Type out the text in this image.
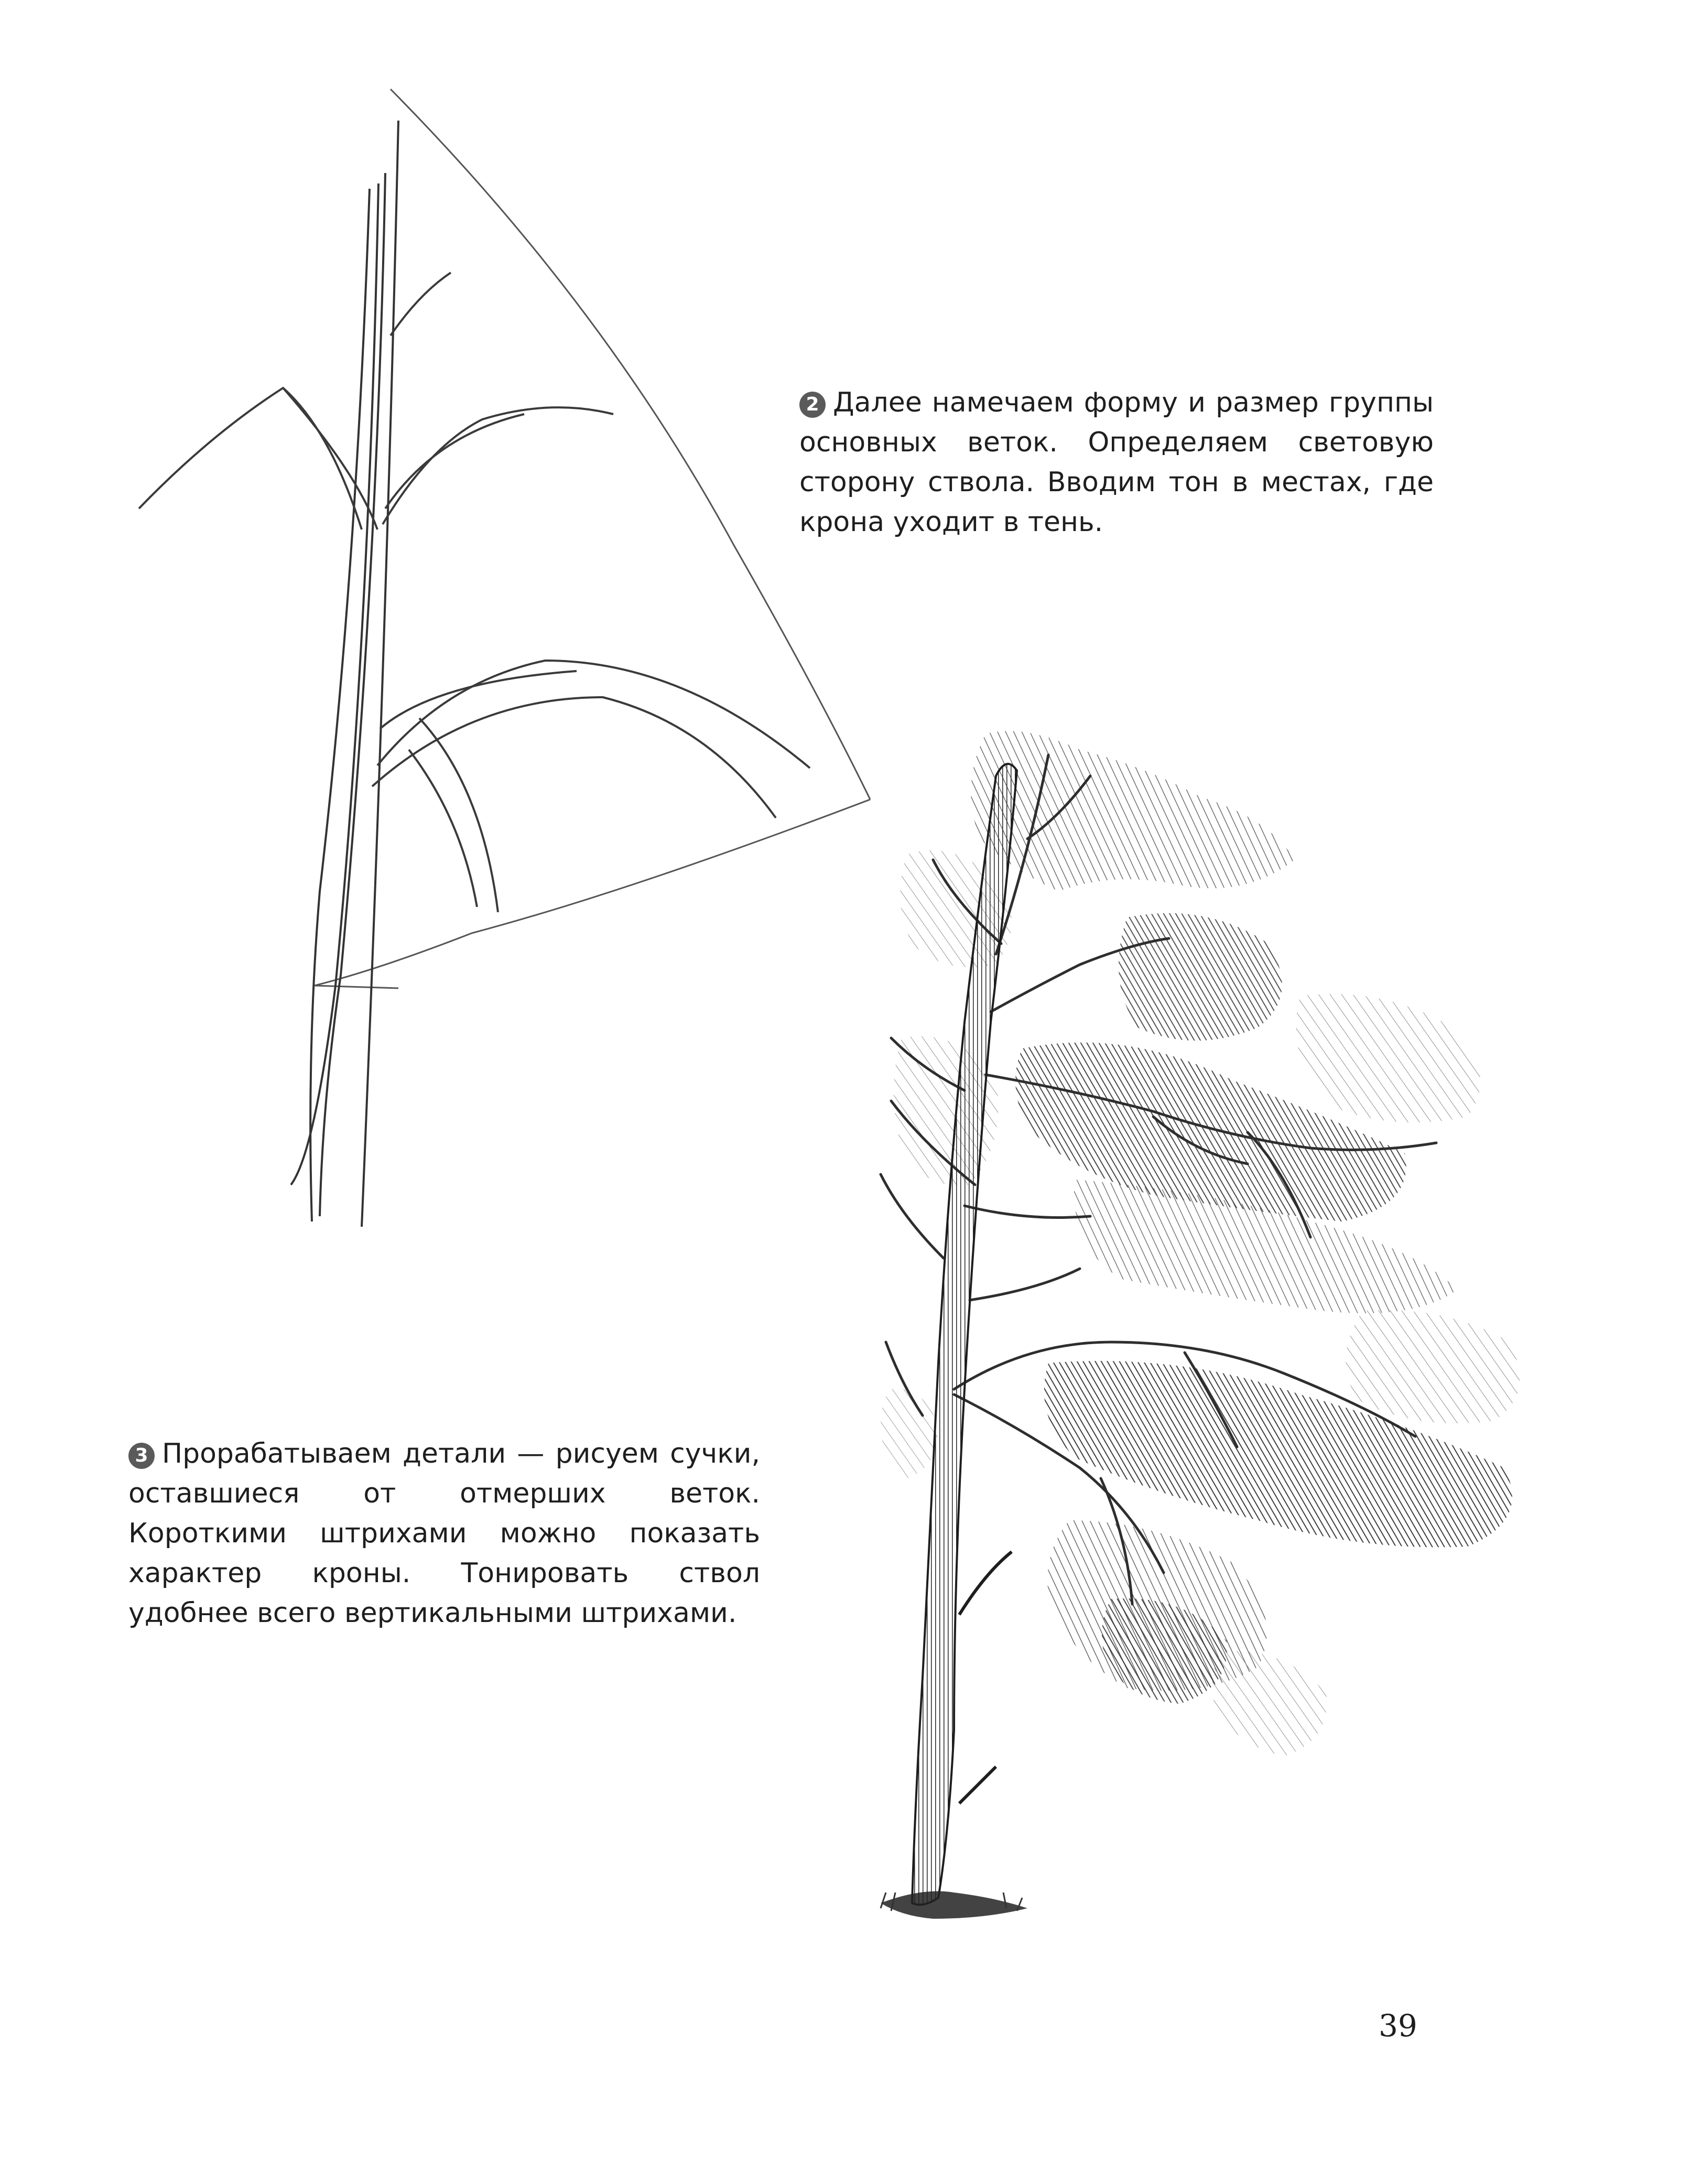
2 Далее намечаем форму и размер группы основных веток. Определяем световую сторону ствола. Вводим тон в местах, где крона уходит в тень.

3 Прорабатываем детали — рисуем сучки, оставшиеся от отмерших веток. Короткими штрихами можно показать характер кроны. Тонировать ствол удобнее всего вертикальными штрихами.

39
